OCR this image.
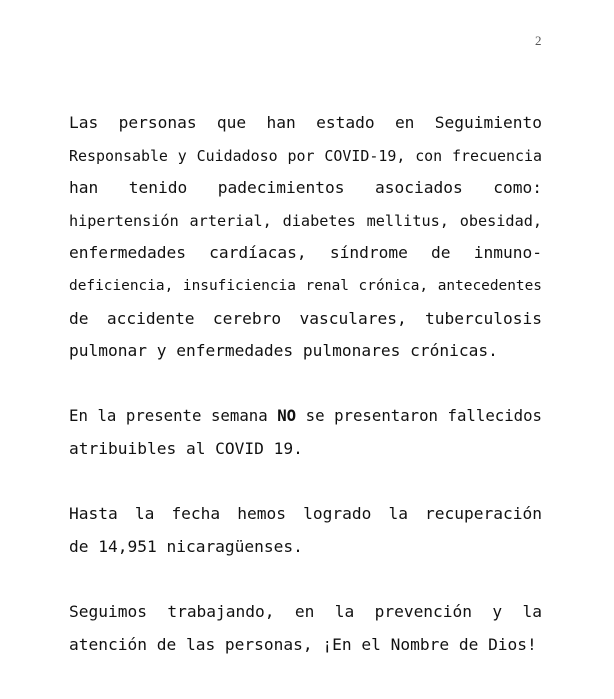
2
Las personas que han estado en Seguimiento
Responsable y Cuidadoso por COVID-19, con frecuencia
han tenido padecimientos asociados como:
hipertensión arterial, diabetes mellitus, obesidad,
enfermedades cardíacas, síndrome de inmuno-
deficiencia, insuficiencia renal crónica, antecedentes
de accidente cerebro vasculares, tuberculosis
pulmonar y enfermedades pulmonares crónicas.
En la presente semana NO se presentaron fallecidos
atribuibles al COVID 19.
Hasta la fecha hemos logrado la recuperación
de 14,951 nicaragüenses.
Seguimos trabajando, en la prevención y la
atención de las personas, ¡En el Nombre de Dios!
